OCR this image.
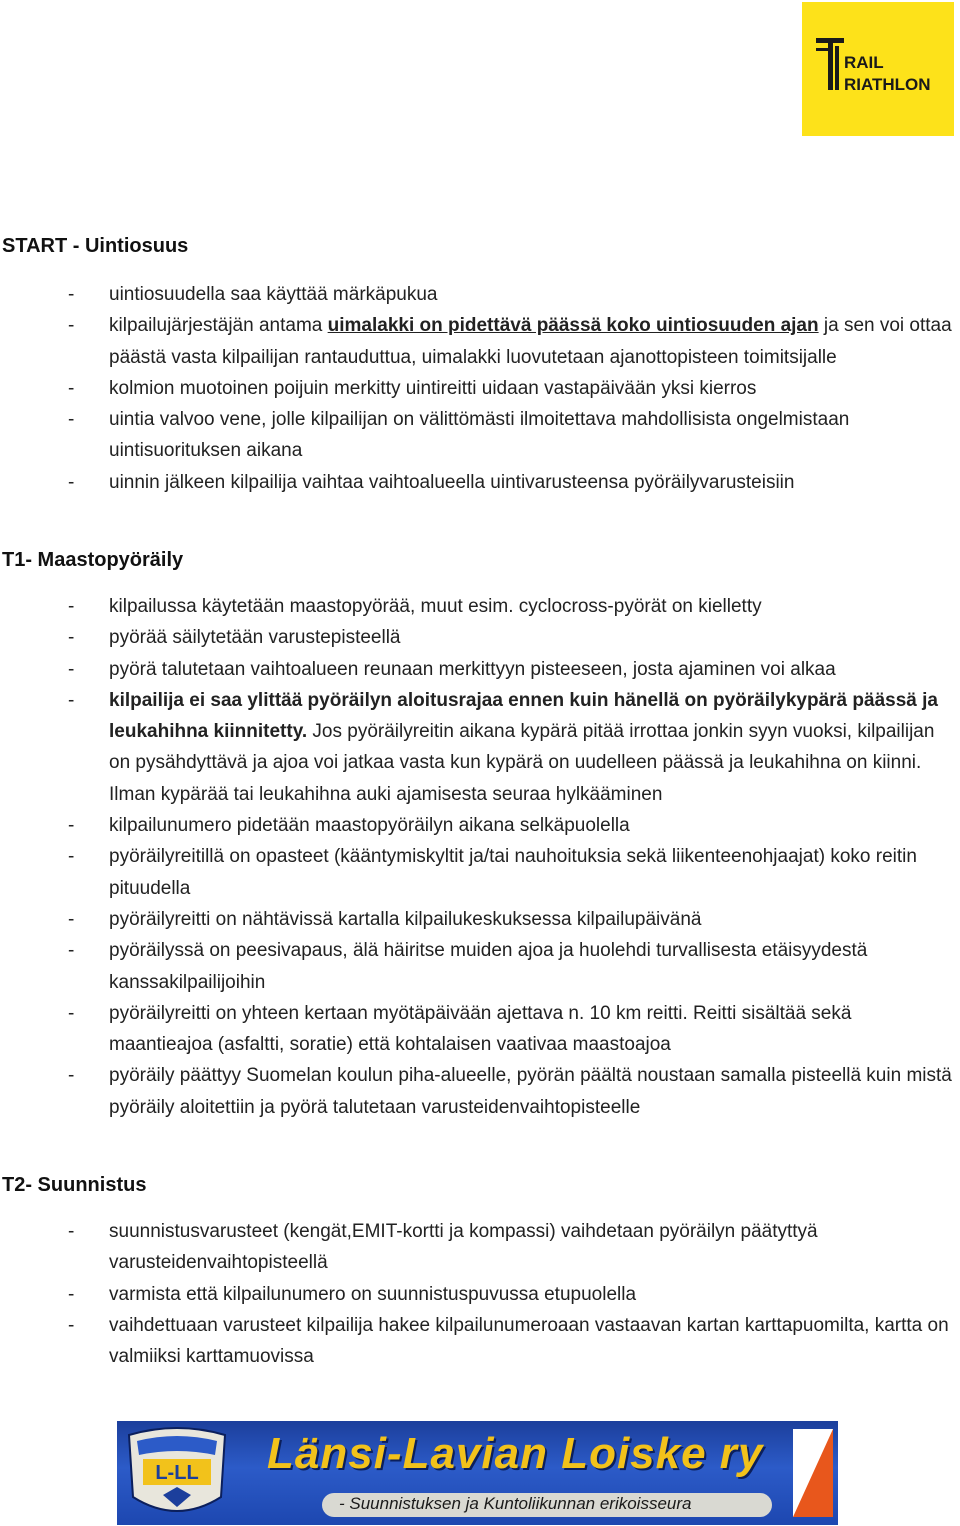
RAIL
RIATHLON
START - Uintiosuus
- uintiosuudella saa käyttää märkäpukua
- kilpailujärjestäjän antama uimalakki on pidettävä päässä koko uintiosuuden ajan ja sen voi ottaa päästä vasta kilpailijan rantauduttua, uimalakki luovutetaan ajanottopisteen toimitsijalle
- kolmion muotoinen poijuin merkitty uintireitti uidaan vastapäivään yksi kierros
- uintia valvoo vene, jolle kilpailijan on välittömästi ilmoitettava mahdollisista ongelmistaan uintisuorituksen aikana
- uinnin jälkeen kilpailija vaihtaa vaihtoalueella uintivarusteensa pyöräilyvarusteisiin
T1- Maastopyöräily
- kilpailussa käytetään maastopyörää, muut esim. cyclocross-pyörät on kielletty
- pyörää säilytetään varustepisteellä
- pyörä talutetaan vaihtoalueen reunaan merkittyyn pisteeseen, josta ajaminen voi alkaa
- kilpailija ei saa ylittää pyöräilyn aloitusrajaa ennen kuin hänellä on pyöräilykypärä päässä ja leukahihna kiinnitetty. Jos pyöräilyreitin aikana kypärä pitää irrottaa jonkin syyn vuoksi, kilpailijan on pysähdyttävä ja ajoa voi jatkaa vasta kun kypärä on uudelleen päässä ja leukahihna on kiinni. Ilman kypärää tai leukahihna auki ajamisesta seuraa hylkääminen
- kilpailunumero pidetään maastopyöräilyn aikana selkäpuolella
- pyöräilyreitillä on opasteet (kääntymiskyltit ja/tai nauhoituksia sekä liikenteenohjaajat) koko reitin pituudella
- pyöräilyreitti on nähtävissä kartalla kilpailukeskuksessa kilpailupäivänä
- pyöräilyssä on peesivapaus, älä häiritse muiden ajoa ja huolehdi turvallisesta etäisyydestä kanssakilpailijoihin
- pyöräilyreitti on yhteen kertaan myötäpäivään ajettava n. 10 km reitti. Reitti sisältää sekä maantieajoa (asfaltti, soratie) että kohtalaisen vaativaa maastoajoa
- pyöräily päättyy Suomelan koulun piha-alueelle, pyörän päältä noustaan samalla pisteellä kuin mistä pyöräily aloitettiin ja pyörä talutetaan varusteidenvaihtopisteelle
T2- Suunnistus
- suunnistusvarusteet (kengät,EMIT-kortti ja kompassi) vaihdetaan pyöräilyn päätyttyä varusteidenvaihtopisteellä
- varmista että kilpailunumero on suunnistuspuvussa etupuolella
- vaihdettuaan varusteet kilpailija hakee kilpailunumeroaan vastaavan kartan karttapuomilta, kartta on valmiiksi karttamuovissa
L-LL Länsi-Lavian Loiske ry
- Suunnistuksen ja Kuntoliikunnan erikoisseura
